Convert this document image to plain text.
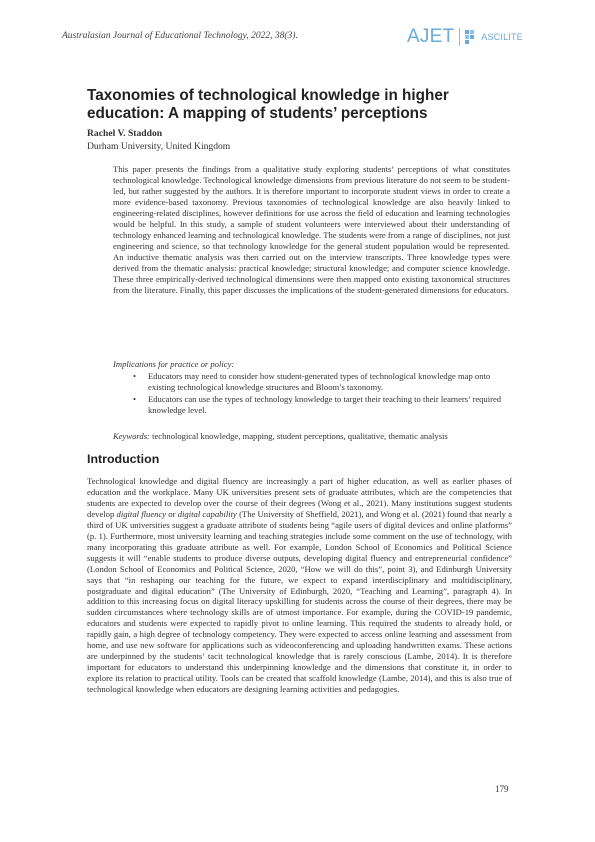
Australasian Journal of Educational Technology, 2022, 38(3).	AJET	ASCILITE
Taxonomies of technological knowledge in higher education: A mapping of students’ perceptions
Rachel V. Staddon
Durham University, United Kingdom

This paper presents the findings from a qualitative study exploring students’ perceptions of what constitutes technological knowledge. Technological knowledge dimensions from previous literature do not seem to be student-led, but rather suggested by the authors. It is therefore important to incorporate student views in order to create a more evidence-based taxonomy. Previous taxonomies of technological knowledge are also heavily linked to engineering-related disciplines, however definitions for use across the field of education and learning technologies would be helpful. In this study, a sample of student volunteers were interviewed about their understanding of technology enhanced learning and technological knowledge. The students were from a range of disciplines, not just engineering and science, so that technology knowledge for the general student population would be represented. An inductive thematic analysis was then carried out on the interview transcripts. Three knowledge types were derived from the thematic analysis: practical knowledge; structural knowledge; and computer science knowledge. These three empirically-derived technological dimensions were then mapped onto existing taxonomical structures from the literature. Finally, this paper discusses the implications of the student-generated dimensions for educators.

Implications for practice or policy:
• Educators may need to consider how student-generated types of technological knowledge map onto existing technological knowledge structures and Bloom’s taxonomy.
• Educators can use the types of technology knowledge to target their teaching to their learners’ required knowledge level.
Keywords: technological knowledge, mapping, student perceptions, qualitative, thematic analysis
Introduction

Technological knowledge and digital fluency are increasingly a part of higher education, as well as earlier phases of education and the workplace. Many UK universities present sets of graduate attributes, which are the competencies that students are expected to develop over the course of their degrees (Wong et al., 2021). Many institutions suggest students develop digital fluency or digital capability (The University of Sheffield, 2021), and Wong et al. (2021) found that nearly a third of UK universities suggest a graduate attribute of students being “agile users of digital devices and online platforms” (p. 1). Furthermore, most university learning and teaching strategies include some comment on the use of technology, with many incorporating this graduate attribute as well. For example, London School of Economics and Political Science suggests it will “enable students to produce diverse outputs, developing digital fluency and entrepreneurial confidence” (London School of Economics and Political Science, 2020, “How we will do this”, point 3), and Edinburgh University says that “in reshaping our teaching for the future, we expect to expand interdisciplinary and multidisciplinary, postgraduate and digital education” (The University of Edinburgh, 2020, “Teaching and Learning”, paragraph 4). In addition to this increasing focus on digital literacy upskilling for students across the course of their degrees, there may be sudden circumstances where technology skills are of utmost importance. For example, during the COVID-19 pandemic, educators and students were expected to rapidly pivot to online learning. This required the students to already hold, or rapidly gain, a high degree of technology competency. They were expected to access online learning and assessment from home, and use new software for applications such as videoconferencing and uploading handwritten exams. These actions are underpinned by the students’ tacit technological knowledge that is rarely conscious (Lambe, 2014). It is therefore important for educators to understand this underpinning knowledge and the dimensions that constitute it, in order to explore its relation to practical utility. Tools can be created that scaffold knowledge (Lambe, 2014), and this is also true of technological knowledge when educators are designing learning activities and pedagogies.

179
